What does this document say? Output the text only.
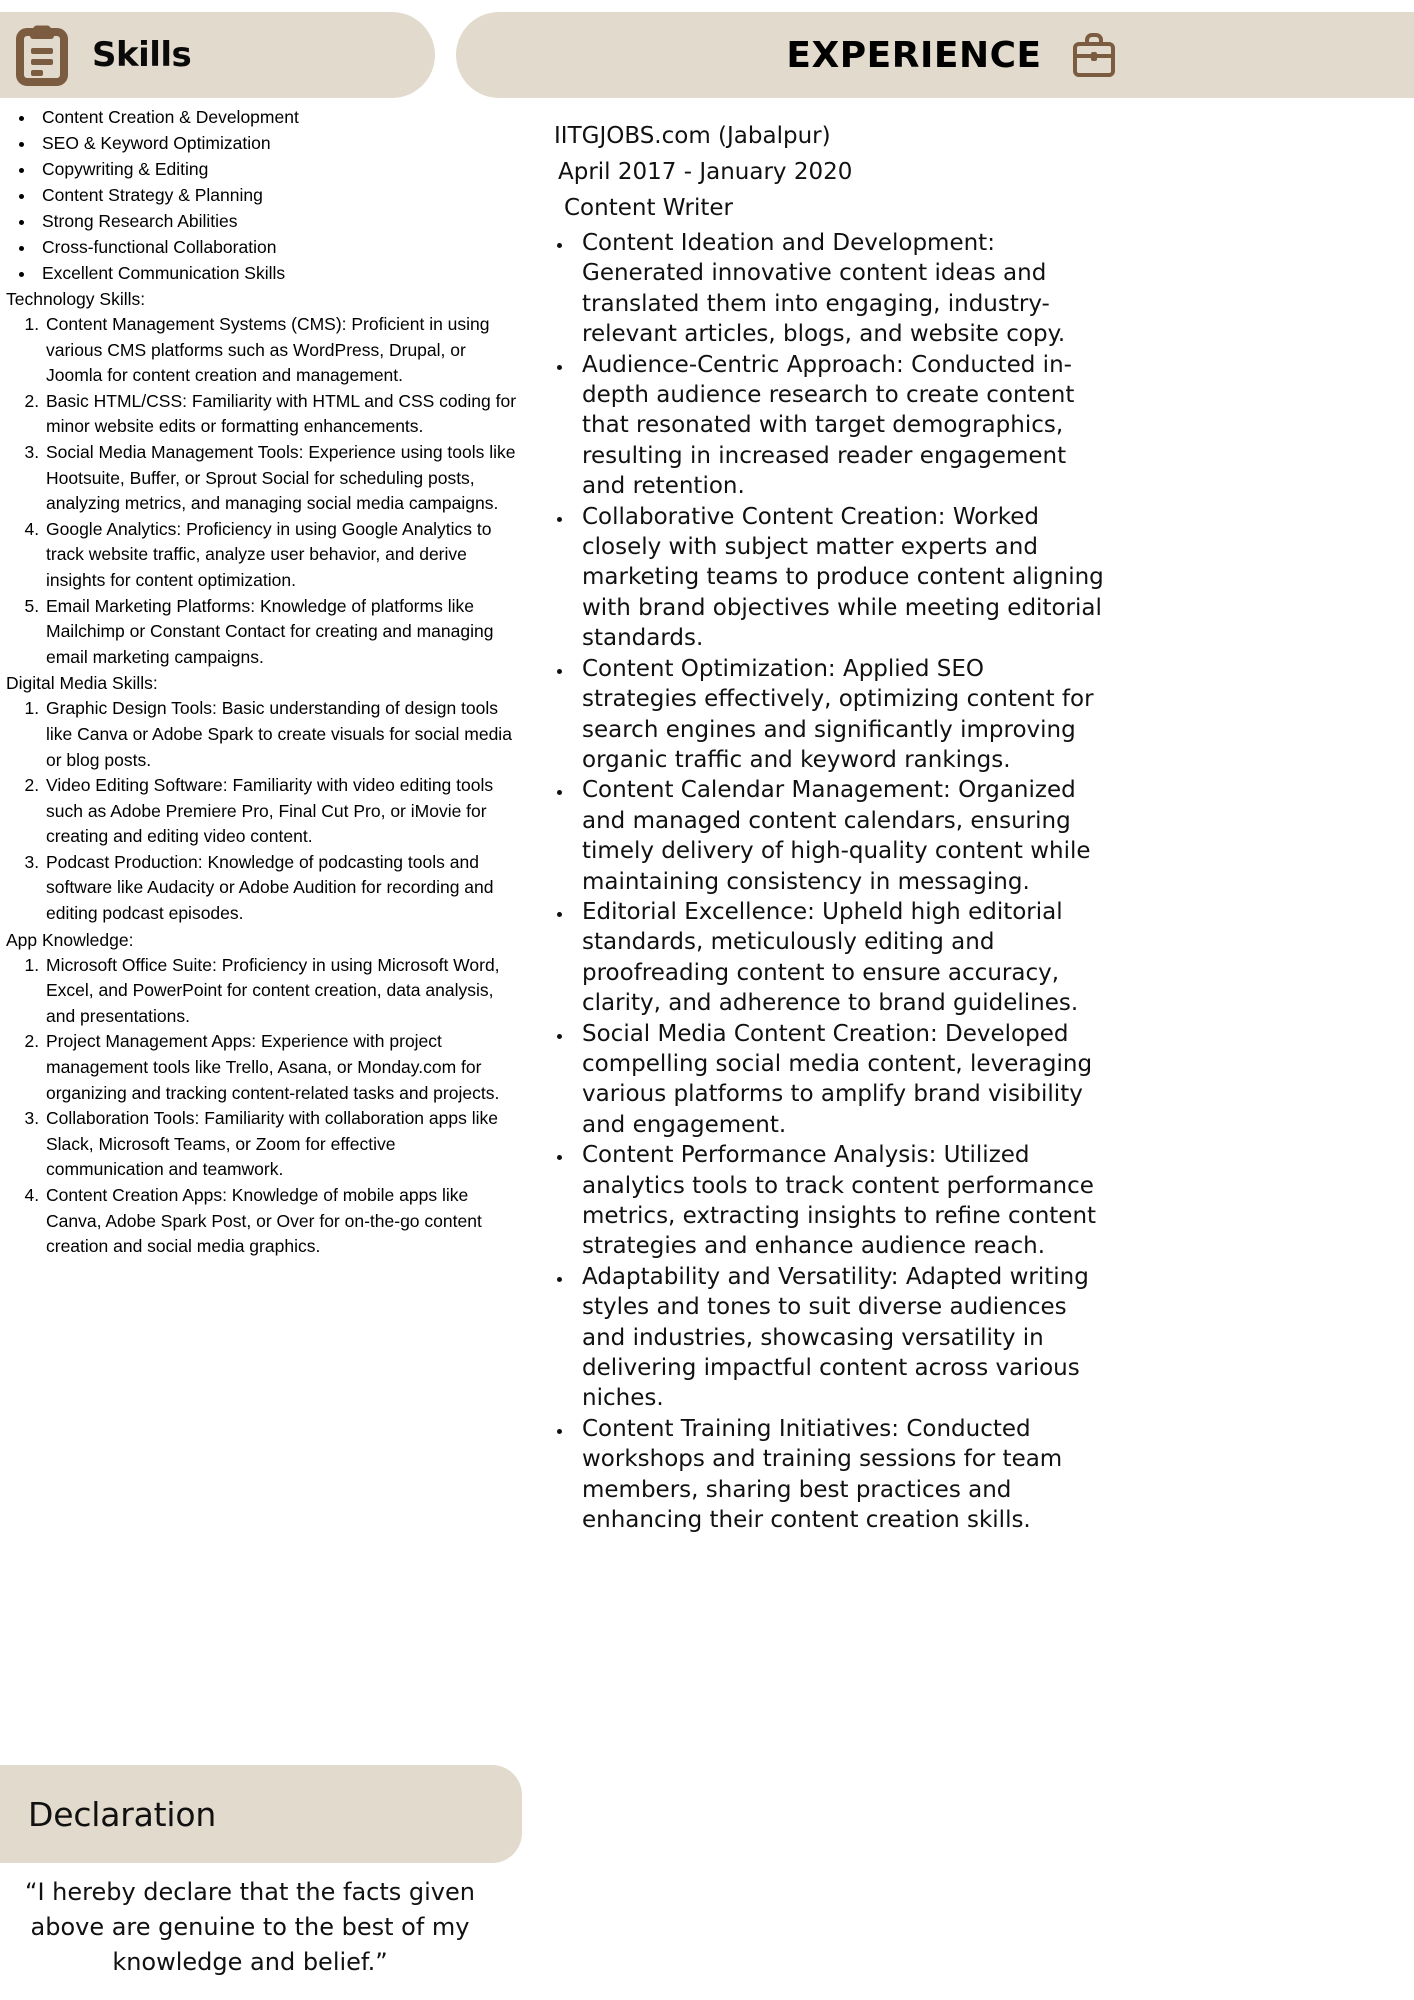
Skills	EXPERIENCE
• Content Creation & Development
• SEO & Keyword Optimization
• Copywriting & Editing
• Content Strategy & Planning
• Strong Research Abilities
• Cross-functional Collaboration
• Excellent Communication Skills

Technology Skills:

1. Content Management Systems (CMS): Proficient in using various CMS platforms such as WordPress, Drupal, or Joomla for content creation and management.
2. Basic HTML/CSS: Familiarity with HTML and CSS coding for minor website edits or formatting enhancements.
3. Social Media Management Tools: Experience using tools like Hootsuite, Buffer, or Sprout Social for scheduling posts, analyzing metrics, and managing social media campaigns.
4. Google Analytics: Proficiency in using Google Analytics to track website traffic, analyze user behavior, and derive insights for content optimization.
5. Email Marketing Platforms: Knowledge of platforms like Mailchimp or Constant Contact for creating and managing email marketing campaigns.

Digital Media Skills:

1. Graphic Design Tools: Basic understanding of design tools like Canva or Adobe Spark to create visuals for social media or blog posts.
2. Video Editing Software: Familiarity with video editing tools such as Adobe Premiere Pro, Final Cut Pro, or iMovie for creating and editing video content.
3. Podcast Production: Knowledge of podcasting tools and software like Audacity or Adobe Audition for recording and editing podcast episodes.

App Knowledge:

1. Microsoft Office Suite: Proficiency in using Microsoft Word, Excel, and PowerPoint for content creation, data analysis, and presentations.
2. Project Management Apps: Experience with project management tools like Trello, Asana, or Monday.com for organizing and tracking content-related tasks and projects.
3. Collaboration Tools: Familiarity with collaboration apps like Slack, Microsoft Teams, or Zoom for effective communication and teamwork.
4. Content Creation Apps: Knowledge of mobile apps like Canva, Adobe Spark Post, or Over for on-the-go content creation and social media graphics.
Declaration
“I hereby declare that the facts given above are genuine to the best of my knowledge and belief.”
IITGJOBS.com (Jabalpur)
April 2017 - January 2020
Content Writer
• Content Ideation and Development: Generated innovative content ideas and translated them into engaging, industry-relevant articles, blogs, and website copy.
• Audience-Centric Approach: Conducted in-depth audience research to create content that resonated with target demographics, resulting in increased reader engagement and retention.
• Collaborative Content Creation: Worked closely with subject matter experts and marketing teams to produce content aligning with brand objectives while meeting editorial standards.
• Content Optimization: Applied SEO strategies effectively, optimizing content for search engines and significantly improving organic traffic and keyword rankings.
• Content Calendar Management: Organized and managed content calendars, ensuring timely delivery of high-quality content while maintaining consistency in messaging.
• Editorial Excellence: Upheld high editorial standards, meticulously editing and proofreading content to ensure accuracy, clarity, and adherence to brand guidelines.
• Social Media Content Creation: Developed compelling social media content, leveraging various platforms to amplify brand visibility and engagement.
• Content Performance Analysis: Utilized analytics tools to track content performance metrics, extracting insights to refine content strategies and enhance audience reach.
• Adaptability and Versatility: Adapted writing styles and tones to suit diverse audiences and industries, showcasing versatility in delivering impactful content across various niches.
• Content Training Initiatives: Conducted workshops and training sessions for team members, sharing best practices and enhancing their content creation skills.
